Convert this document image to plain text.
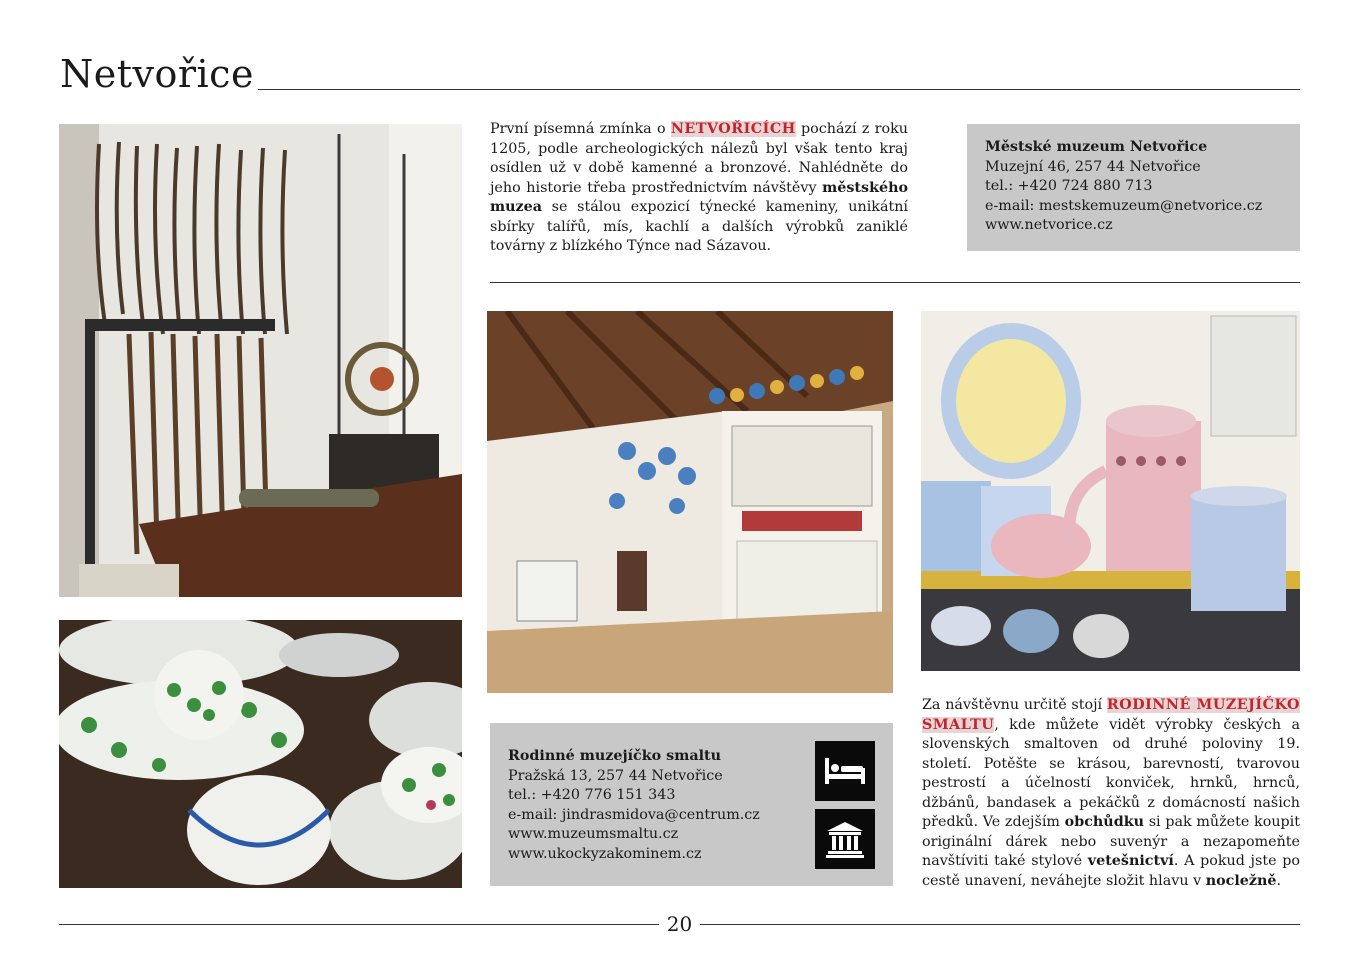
Netvořice
První písemná zmínka o NETVOŘICÍCH pochází z roku 1205, podle archeologických nálezů byl však tento kraj osídlen už v době kamenné a bronzové. Nahlédněte do jeho historie třeba prostřednictvím návštěvy městského muzea se stálou expozicí týnecké kameniny, unikátní sbírky talířů, mís, kachlí a dalších výrobků zaniklé továrny z blízkého Týnce nad Sázavou.
Městské muzeum Netvořice
Muzejní 46, 257 44 Netvořice
tel.: +420 724 880 713
e-mail: mestskemuzeum@netvorice.cz
www.netvorice.cz
Rodinné muzejíčko smaltu
Pražská 13, 257 44 Netvořice
tel.: +420 776 151 343
e-mail: jindrasmidova@centrum.cz
www.muzeumsmaltu.cz
www.ukockyzakominem.cz
Za návštěvnu určitě stojí RODINNÉ MUZEJÍČKO SMALTU, kde můžete vidět výrobky českých a slovenských smaltoven od druhé poloviny 19. století. Potěšte se krásou, barevností, tvarovou pestrostí a účelností konviček, hrnků, hrnců, džbánů, bandasek a pekáčků z domácností našich předků. Ve zdejším obchůdku si pak můžete koupit originální dárek nebo suvenýr a nezapomeňte navštíviti také stylové vetešnictví. A pokud jste po cestě unavení, neváhejte složit hlavu v nocležně.
20
